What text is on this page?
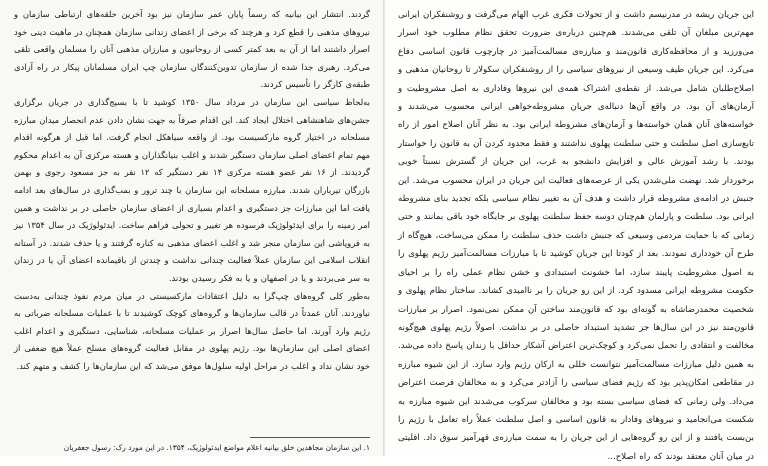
این جریان ریشه در مدرنیسم داشت و از تحولات فکری غرب الهام می‌گرفت و روشنفکران ایرانی مهم‌ترین مبلغان آن تلقی می‌شدند. هم‌چنین درباره‌ی ضرورت تحقق نظام مطلوب خود اسرار می‌ورزید و از محافظه‌کاری قانون‌مند و مبارزه‌ی مسالمت‌آمیز در چارچوب قانون اساسی دفاع می‌کرد. این جریان طیف وسیعی از نیروهای سیاسی را از روشنفکران سکولار تا روحانیان مذهبی و اصلاح‌طلبان شامل می‌شد. از نقطه‌ی اشتراک همه‌ی این نیروها وفاداری به اصل مشروطیت و آرمان‌های آن بود. در واقع آن‌ها دنباله‌ی جریان مشروطه‌خواهی ایرانی محسوب می‌شدند و خواسته‌های آنان همان خواسته‌ها و آرمان‌های مشروطه ایرانی بود. به نظر آنان اصلاح امور از راه تابع‌سازی اصل سلطنت و حتی سلطنت پهلوی نداشتند و فقط محدود کردن آن به قانون را خواستار بودند. با رشد آموزش عالی و افزایش دانشجو به غرب، این جریان از گسترش نسبتاً خوبی برخوردار شد. نهضت ملی‌شدن یکی از عرصه‌های فعالیت این جریان در ایران محسوب می‌شد. این جنبش در ادامه‌ی مشروطه قرار داشت و هدف آن به تغییر نظام سیاسی بلکه تجدید بنای مشروطه ایرانی بود. سلطنت و پارلمان هم‌چنان دوسه حفظ سلطنت پهلوی بر جایگاه خود باقی بمانند و حتی زمانی که با حمایت مردمی وسیعی که جنبش داشت حذف سلطنت را ممکن می‌ساخت، هیچ‌گاه از طرح آن خودداری نمودند. بعد از کودتا این جریان کوشید تا با مبارزات مسالمت‌آمیز رژیم پهلوی را به اصول مشروطیت پایبند سازد، اما خشونت استبدادی و خشن نظام عملی راه را بر احیای حکومت مشروطه ایرانی مسدود کرد. از این رو جریان را بر ناامیدی کشاند. ساختار نظام پهلوی و شخصیت محمدرضاشاه به گونه‌ای بود که قانون‌مند ساختن آن ممکن نمی‌نمود. اصرار بر مبارزات قانون‌مند نیز در این سال‌ها جز تشدید استبداد حاصلی در بر نداشت. اصولاً رژیم پهلوی هیچ‌گونه مخالفت و انتقادی را تحمل نمی‌کرد و کوچک‌ترین اعتراض آشکار حداقل با زندان پاسخ داده می‌شد. به همین دلیل مبارزات مسالمت‌آمیز نتوانست خللی به ارکان رژیم وارد سازد. از این شیوه مبارزه در مقاطعی امکان‌پذیر بود که رژیم فضای سیاسی را آزادتر می‌کرد و به مخالفان فرصت اعتراض می‌داد. ولی زمانی که فضای سیاسی بسته بود و مخالفان سرکوب می‌شدند این شیوه مبارزه به شکست می‌انجامید و نیروهای وفادار به قانون اساسی و اصل سلطنت عملاً راه تعامل با رژیم را بن‌بست یافتند و از این رو گروه‌هایی از این جریان را به سمت مبارزه‌ی قهرآمیز سوق داد. اقلیتی در میان آنان معتقد بودند که راه اصلاح...

گردند. انتشار این بیانیه که رسماً پایان عمر سازمان نیز بود آخرین حلقه‌های ارتباطی سازمان و نیروهای مذهبی را قطع کرد و هرچند که برخی از اعضای زندانی سازمان همچنان در ماهیت دینی خود اصرار داشتند اما از آن به بعد کمتر کسی از روحانیون و مبارزان مذهبی آنان را مسلمان واقعی تلقی می‌کرد. رهبری جدا شده از سازمان تدوین‌کنندگان سازمان چپ ایران مسلمانان پیکار در راه آزادی طبقه‌ی کارگر را تأسیس کردند.

به‌لحاظ سیاسی این سازمان در مرداد سال ۱۳۵۰ کوشید تا با بسیج‌گذاری در جریان برگزاری جشن‌های شاهنشاهی اختلال ایجاد کند. این اقدام صرفاً به جهت نشان دادن عدم انحصار میدان مبارزه مسلحانه در اختیار گروه مارکسیست بود. از واقعه سیاهکل انجام گرفت. اما قبل از هرگونه اقدام مهم تمام اعضای اصلی سازمان دستگیر شدند و اغلب بنیانگذاران و هسته مرکزی آن به اعدام محکوم گردیدند. از ۱۶ نفر عضو هسته مرکزی ۱۴ نفر دستگیر که ۱۲ نفر به جز مسعود رجوی و بهمن بازرگان تیرباران شدند. مبارزه مسلحانه این سازمان با چند ترور و بمب‌گذاری در سال‌های بعد ادامه یافت اما این مبارزات جز دستگیری و اعدام بسیاری از اعضای سازمان حاصلی در بر نداشت و همین امر زمینه را برای ایدئولوژیک فرسوده هر تغییر و تحولی فراهم ساخت. ایدئولوژیک در سال ۱۳۵۴ نیز به فروپاشی این سازمان منجر شد و اغلب اعضای مذهبی به کناره گرفتند و یا حذف شدند. در آستانه انقلاب اسلامی این سازمان عملاً فعالیت چندانی نداشت و چندتن از باقیمانده اعضای آن یا در زندان به سر می‌بردند و یا در اصفهان و یا به فکر رسیدن بودند.

به‌طور کلی گروه‌های چپ‌گرا به دلیل اعتقادات مارکسیستی در میان مردم نفوذ چندانی به‌دست نیاوردند. آنان عمدتاً در قالب سازمان‌ها و گروه‌های کوچک کوشیدند تا با عملیات مسلحانه ضرباتی به رژیم وارد آورند. اما حاصل سال‌ها اصرار بر عملیات مسلحانه، شناسایی، دستگیری و اعدام اغلب اعضای اصلی این سازمان‌ها بود. رژیم پهلوی در مقابل فعالیت گروه‌های مسلح عملاً هیچ ضعفی از خود نشان نداد و اغلب در مراحل اولیه سلول‌ها موفق می‌شد که این سازمان‌ها را کشف و متهم کند.

۱. این سازمان مجاهدین خلق بیانیه اعلام مواضع ایدئولوژیک، ۱۳۵۴. در این مورد رک: رسول جعفریان
